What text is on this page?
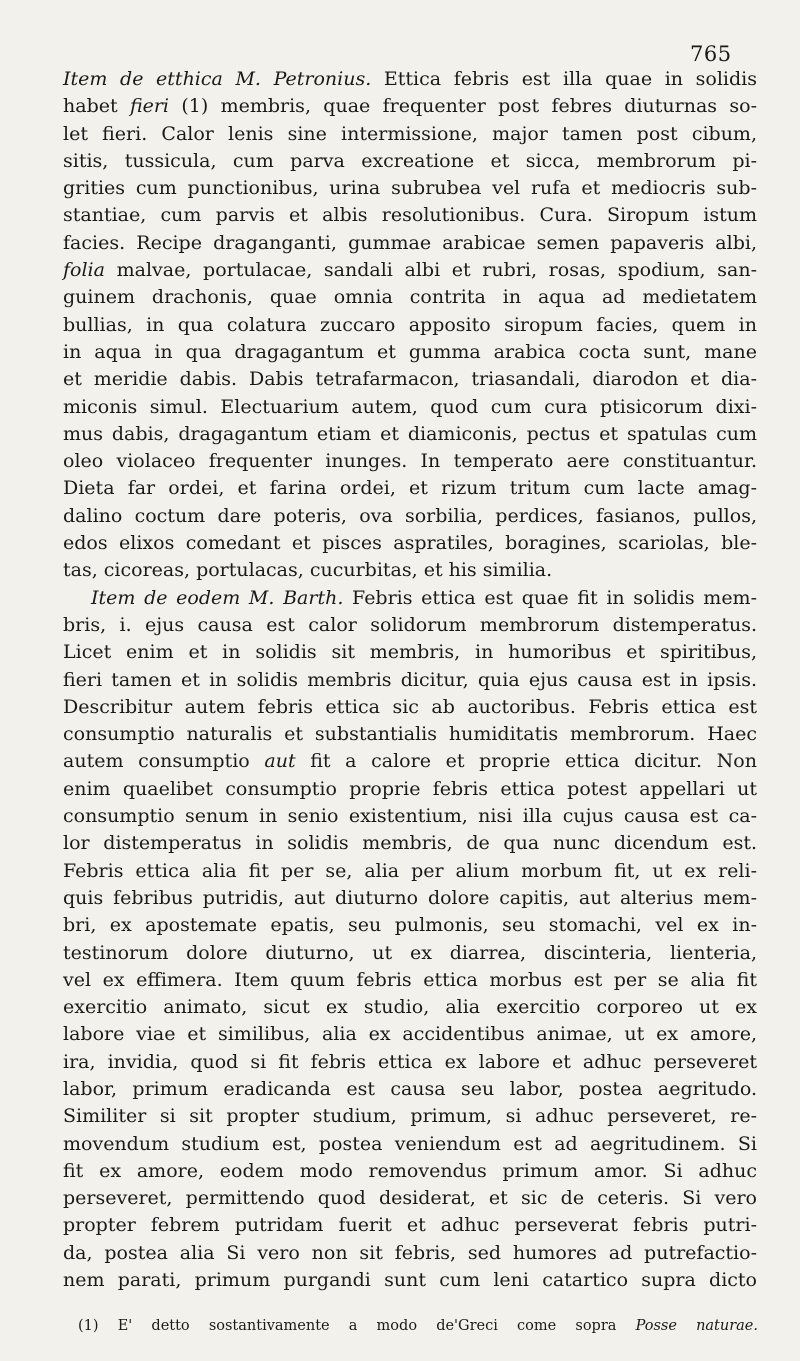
765
Item de etthica M. Petronius. Ettica febris est illa quae in solidis
habet fieri (1) membris, quae frequenter post febres diuturnas so-
let fieri. Calor lenis sine intermissione, major tamen post cibum,
sitis, tussicula, cum parva excreatione et sicca, membrorum pi-
grities cum punctionibus, urina subrubea vel rufa et mediocris sub-
stantiae, cum parvis et albis resolutionibus. Cura. Siropum istum
facies. Recipe draganganti, gummae arabicae semen papaveris albi,
folia malvae, portulacae, sandali albi et rubri, rosas, spodium, san-
guinem drachonis, quae omnia contrita in aqua ad medietatem
bullias, in qua colatura zuccaro apposito siropum facies, quem in
in aqua in qua dragagantum et gumma arabica cocta sunt, mane
et meridie dabis. Dabis tetrafarmacon, triasandali, diarodon et dia-
miconis simul. Electuarium autem, quod cum cura ptisicorum dixi-
mus dabis, dragagantum etiam et diamiconis, pectus et spatulas cum
oleo violaceo frequenter inunges. In temperato aere constituantur.
Dieta far ordei, et farina ordei, et rizum tritum cum lacte amag-
dalino coctum dare poteris, ova sorbilia, perdices, fasianos, pullos,
edos elixos comedant et pisces aspratiles, boragines, scariolas, ble-
tas, cicoreas, portulacas, cucurbitas, et his similia.
Item de eodem M. Barth. Febris ettica est quae fit in solidis mem-
bris, i. ejus causa est calor solidorum membrorum distemperatus.
Licet enim et in solidis sit membris, in humoribus et spiritibus,
fieri tamen et in solidis membris dicitur, quia ejus causa est in ipsis.
Describitur autem febris ettica sic ab auctoribus. Febris ettica est
consumptio naturalis et substantialis humiditatis membrorum. Haec
autem consumptio aut fit a calore et proprie ettica dicitur. Non
enim quaelibet consumptio proprie febris ettica potest appellari ut
consumptio senum in senio existentium, nisi illa cujus causa est ca-
lor distemperatus in solidis membris, de qua nunc dicendum est.
Febris ettica alia fit per se, alia per alium morbum fit, ut ex reli-
quis febribus putridis, aut diuturno dolore capitis, aut alterius mem-
bri, ex apostemate epatis, seu pulmonis, seu stomachi, vel ex in-
testinorum dolore diuturno, ut ex diarrea, discinteria, lienteria,
vel ex effimera. Item quum febris ettica morbus est per se alia fit
exercitio animato, sicut ex studio, alia exercitio corporeo ut ex
labore viae et similibus, alia ex accidentibus animae, ut ex amore,
ira, invidia, quod si fit febris ettica ex labore et adhuc perseveret
labor, primum eradicanda est causa seu labor, postea aegritudo.
Similiter si sit propter studium, primum, si adhuc perseveret, re-
movendum studium est, postea veniendum est ad aegritudinem. Si
fit ex amore, eodem modo removendus primum amor. Si adhuc
perseveret, permittendo quod desiderat, et sic de ceteris. Si vero
propter febrem putridam fuerit et adhuc perseverat febris putri-
da, postea alia Si vero non sit febris, sed humores ad putrefactio-
nem parati, primum purgandi sunt cum leni catartico supra dicto
(1) E' detto sostantivamente a modo de'Greci come sopra Posse naturae.
